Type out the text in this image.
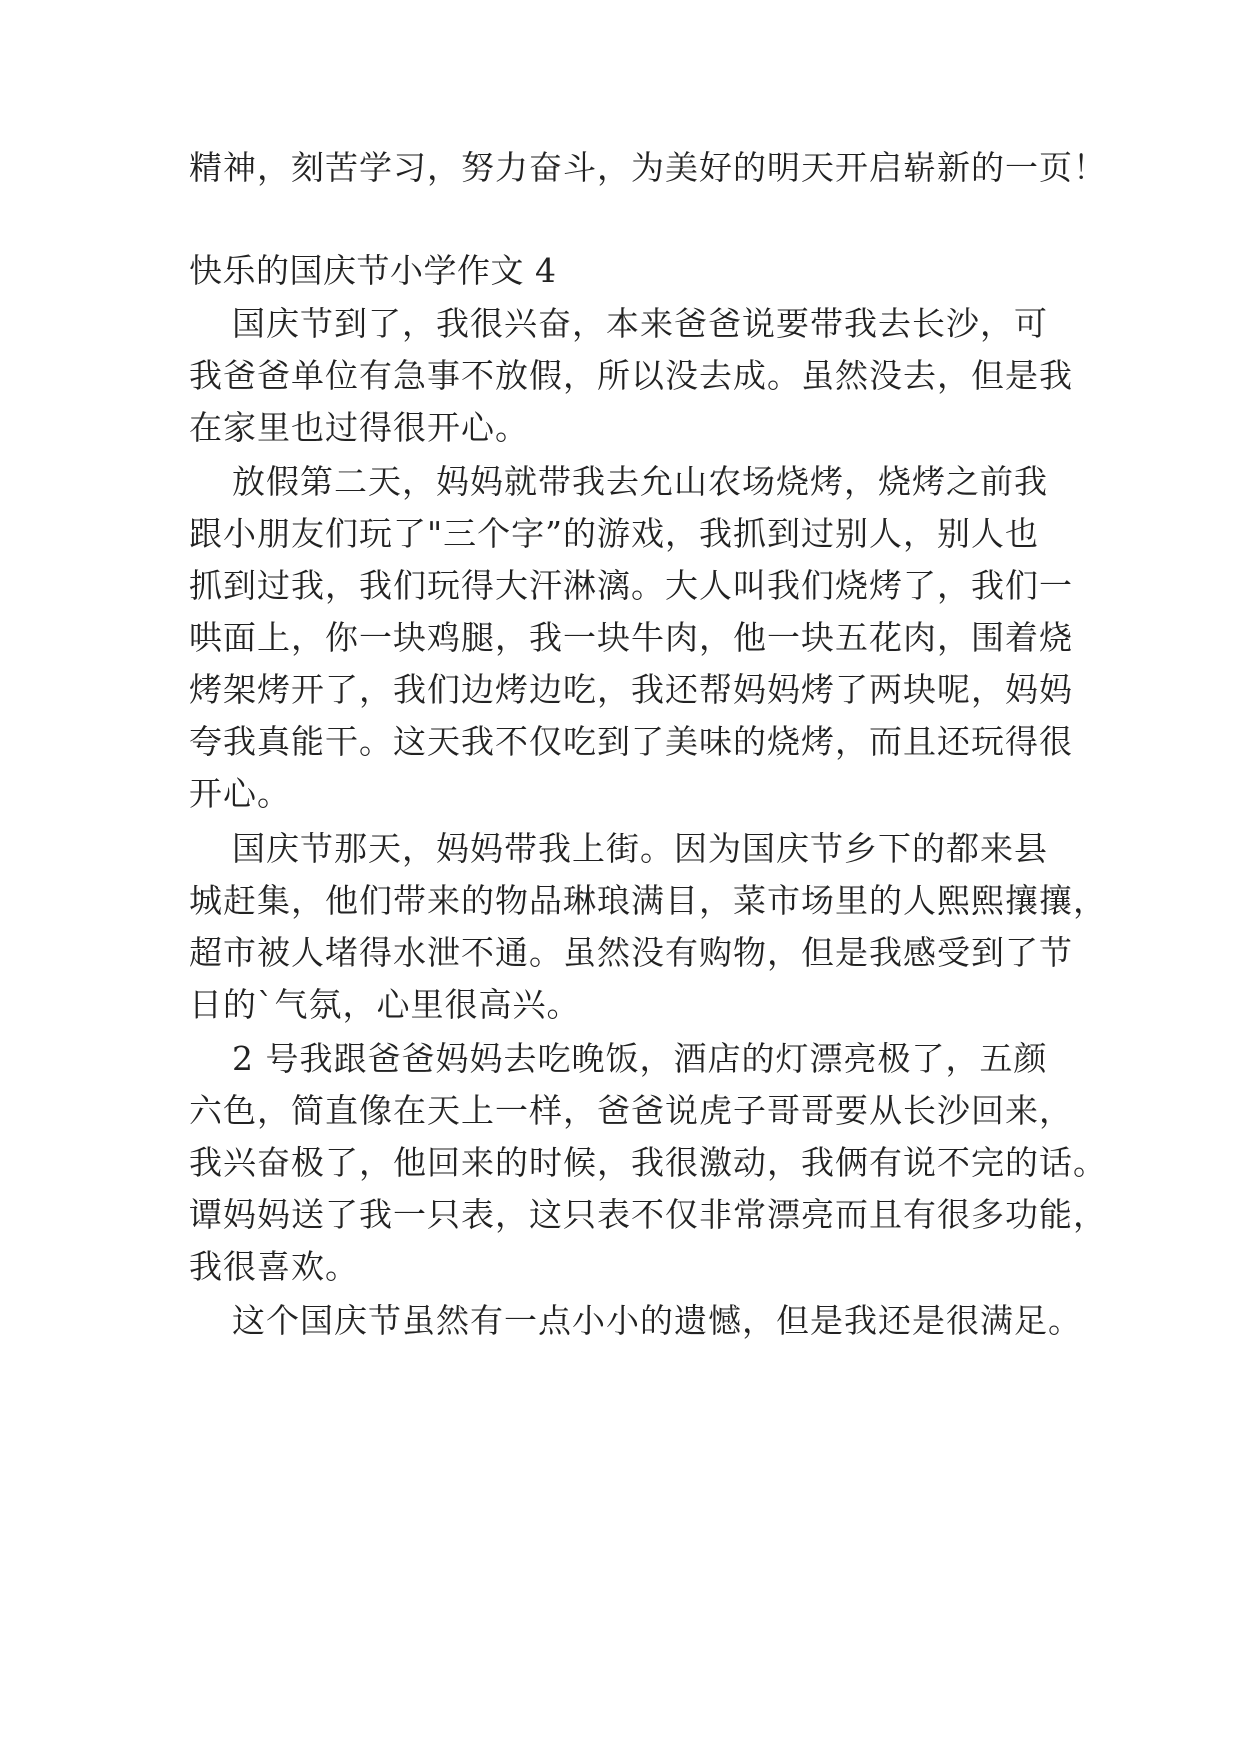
精神，刻苦学习，努力奋斗，为美好的明天开启崭新的一页！
快乐的国庆节小学作文 4
国庆节到了，我很兴奋，本来爸爸说要带我去长沙，可
我爸爸单位有急事不放假，所以没去成。虽然没去，但是我
在家里也过得很开心。
放假第二天，妈妈就带我去允山农场烧烤，烧烤之前我
跟小朋友们玩了"三个字”的游戏，我抓到过别人，别人也
抓到过我，我们玩得大汗淋漓。大人叫我们烧烤了，我们一
哄面上，你一块鸡腿，我一块牛肉，他一块五花肉，围着烧
烤架烤开了，我们边烤边吃，我还帮妈妈烤了两块呢，妈妈
夸我真能干。这天我不仅吃到了美味的烧烤，而且还玩得很
开心。
国庆节那天，妈妈带我上街。因为国庆节乡下的都来县
城赶集，他们带来的物品琳琅满目，菜市场里的人熙熙攘攘，
超市被人堵得水泄不通。虽然没有购物，但是我感受到了节
日的`气氛，心里很高兴。
2 号我跟爸爸妈妈去吃晚饭，酒店的灯漂亮极了，五颜
六色，简直像在天上一样，爸爸说虎子哥哥要从长沙回来，
我兴奋极了，他回来的时候，我很激动，我俩有说不完的话。
谭妈妈送了我一只表，这只表不仅非常漂亮而且有很多功能，
我很喜欢。
这个国庆节虽然有一点小小的遗憾，但是我还是很满足。
